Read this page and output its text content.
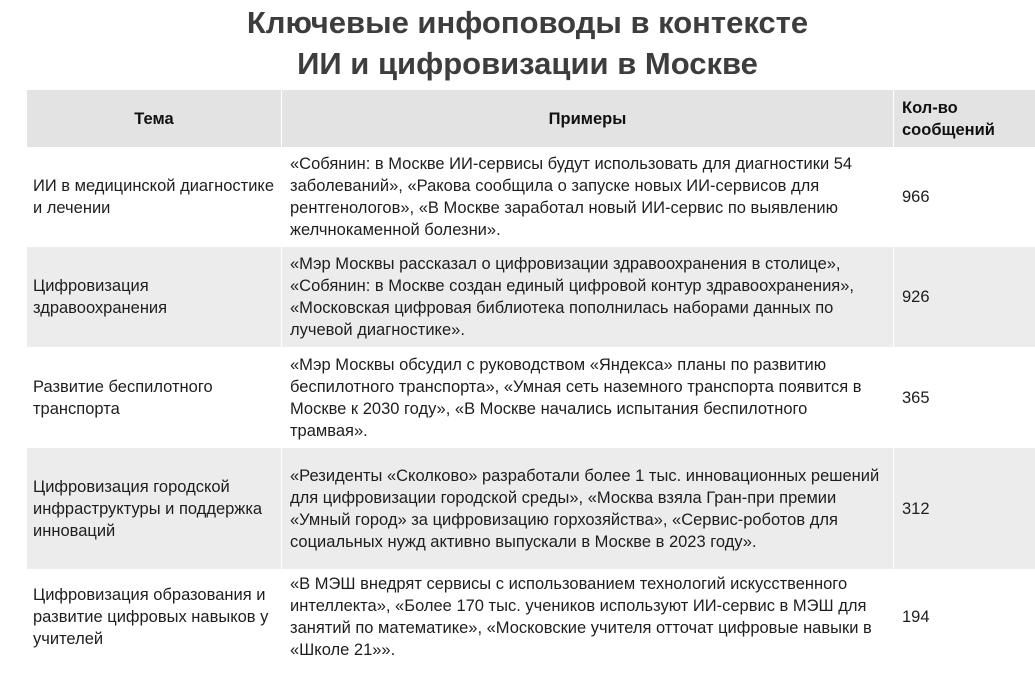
Ключевые инфоповоды в контексте
ИИ и цифровизации в Москве
Тема	Примеры	Кол-во сообщений
ИИ в медицинской диагностике и лечении	«Собянин: в Москве ИИ-сервисы будут использовать для диагностики 54 заболеваний», «Ракова сообщила о запуске новых ИИ-сервисов для рентгенологов», «В Москве заработал новый ИИ-сервис по выявлению желчнокаменной болезни».	966
Цифровизация здравоохранения	«Мэр Москвы рассказал о цифровизации здравоохранения в столице», «Собянин: в Москве создан единый цифровой контур здравоохранения», «Московская цифровая библиотека пополнилась наборами данных по лучевой диагностике».	926
Развитие беспилотного транспорта	«Мэр Москвы обсудил с руководством «Яндекса» планы по развитию беспилотного транспорта», «Умная сеть наземного транспорта появится в Москве к 2030 году», «В Москве начались испытания беспилотного трамвая».	365
Цифровизация городской инфраструктуры и поддержка инноваций	«Резиденты «Сколково» разработали более 1 тыс. инновационных решений для цифровизации городской среды», «Москва взяла Гран-при премии «Умный город» за цифровизацию горхозяйства», «Сервис-роботов для социальных нужд активно выпускали в Москве в 2023 году».	312
Цифровизация образования и развитие цифровых навыков у учителей	«В МЭШ внедрят сервисы с использованием технологий искусственного интеллекта», «Более 170 тыс. учеников используют ИИ-сервис в МЭШ для занятий по математике», «Московские учителя отточат цифровые навыки в «Школе 21»».	194
